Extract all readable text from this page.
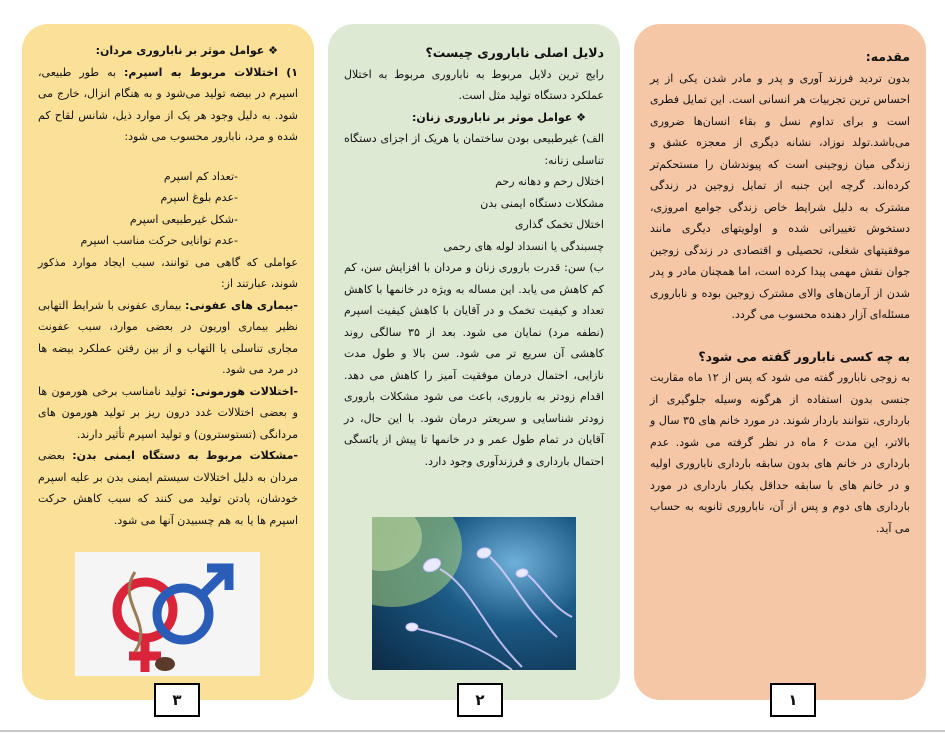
مقدمه:

بدون تردید فرزند آوری و پدر و مادر شدن یکی از پر احساس ترین تجربیات هر انسانی است. این تمایل فطری است و برای تداوم نسل و بقاء انسان‌ها ضروری می‌باشد.تولد نوزاد، نشانه دیگری از معجزه عشق و زندگی میان زوجینی است که پیوندشان را مستحکم‌تر کرده‌اند. گرچه این جنبه از تمایل زوجین در زندگی مشترک به دلیل شرایط خاص زندگی جوامع امروزی، دستخوش تغییراتی شده و اولویتهای دیگری مانند موفقیتهای شغلی، تحصیلی و اقتصادی در زندگی زوجین جوان نقش مهمی پیدا کرده است، اما همچنان مادر و پدر شدن از آرمان‌های والای مشترک زوجین بوده و ناباروری مسئله‌ای آزار دهنده محسوب می گردد.

به چه کسی نابارور گفته می شود؟

به زوجی نابارور گفته می شود که پس از ۱۲ ماه مقاربت جنسی بدون استفاده از هرگونه وسیله جلوگیری از بارداری، نتوانند باردار شوند. در مورد خانم های ۳۵ سال و بالاتر، این مدت ۶ ماه در نظر گرفته می شود. عدم بارداری در خانم های بدون سابقه بارداری ناباروری اولیه و در خانم های با سابقه حداقل یکبار بارداری در مورد بارداری های دوم و پس از آن، ناباروری ثانویه به حساب می آید.

۱

دلایل اصلی ناباروری چیست؟

رایج ترین دلایل مربوط به ناباروری مربوط به اختلال عملکرد دستگاه تولید مثل است.

❖ عوامل موثر بر ناباروری زنان:

الف) غیرطبیعی بودن ساختمان یا هریک از اجزای دستگاه تناسلی زنانه:

اختلال رحم و دهانه رحم

مشکلات دستگاه ایمنی بدن

اختلال تخمک گذاری

چسبندگی یا انسداد لوله های رحمی

ب) سن: قدرت باروری زنان و مردان با افزایش سن، کم کم کاهش می یابد. این مساله به ویژه در خانمها با کاهش تعداد و کیفیت تخمک و در آقایان با کاهش کیفیت اسپرم (نطفه مرد) نمایان می شود. بعد از ۳۵ سالگی روند کاهشی آن سریع تر می شود. سن بالا و طول مدت نازایی، احتمال درمان موفقیت آمیز را کاهش می دهد. اقدام زودتر به باروری، باعث می شود مشکلات باروری زودتر شناسایی و سریعتر درمان شود. با این حال، در آقایان در تمام طول عمر و در خانمها تا پیش از یائسگی احتمال بارداری و فرزندآوری وجود دارد.

۲

❖ عوامل موثر بر ناباروری مردان:

۱) اختلالات مربوط به اسپرم: به طور طبیعی، اسپرم در بیضه تولید می‌شود و به هنگام انزال، خارج می شود. به دلیل وجود هر یک از موارد ذیل، شانس لقاح کم شده و مرد، نابارور محسوب می شود:

-تعداد کم اسپرم

-عدم بلوغ اسپرم

-شکل غیرطبیعی اسپرم

-عدم توانایی حرکت مناسب اسپرم

عواملی که گاهی می توانند، سبب ایجاد موارد مذکور شوند، عبارتند از:

-بیماری های عفونی: بیماری عفونی با شرایط التهابی نظیر بیماری اوریون در بعضی موارد، سبب عفونت مجاری تناسلی یا التهاب و از بین رفتن عملکرد بیضه ها در مرد می شود.

-اختلالات هورمونی: تولید نامناسب برخی هورمون ها و بعضی اختلالات غدد درون ریز بر تولید هورمون های مردانگی (تستوسترون) و تولید اسپرم تأثیر دارند.

-مشکلات مربوط به دستگاه ایمنی بدن: بعضی مردان به دلیل اختلالات سیستم ایمنی بدن بر علیه اسپرم خودشان، پادتن تولید می کنند که سبب کاهش حرکت اسپرم ها یا به هم چسبیدن آنها می شود.

۳
